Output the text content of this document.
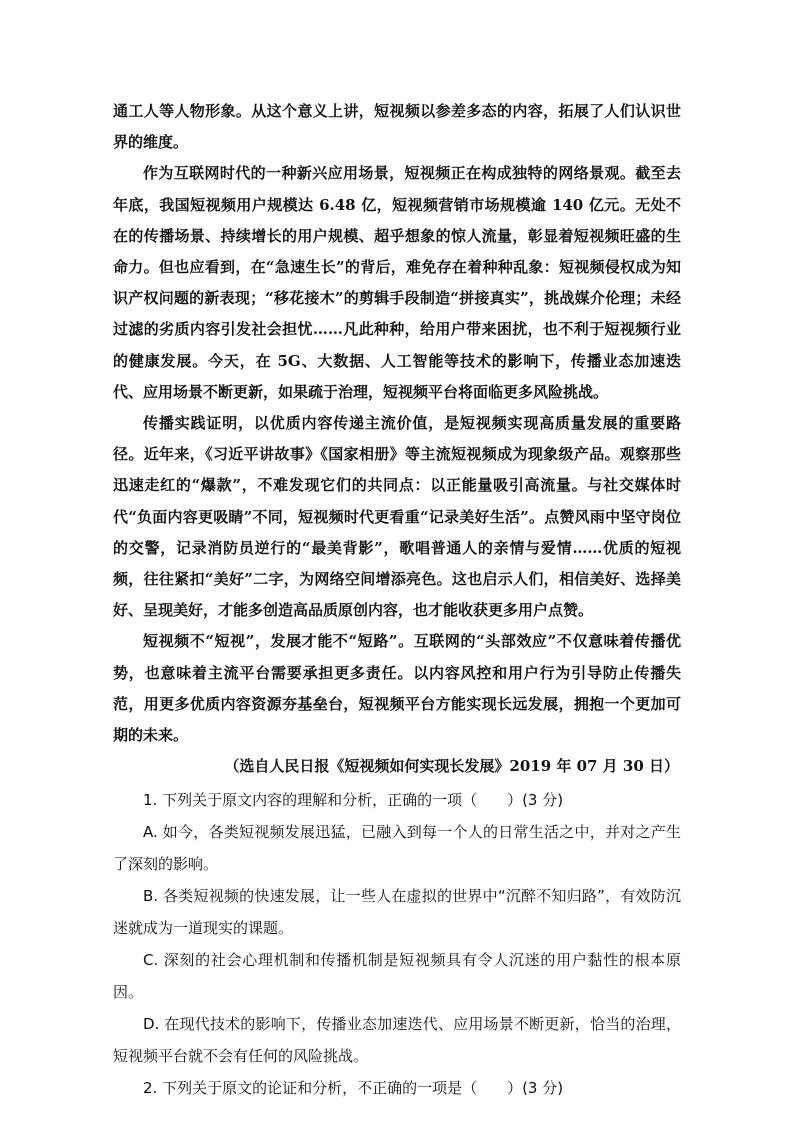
通工人等人物形象。从这个意义上讲，短视频以参差多态的内容，拓展了人们认识世界的维度。

作为互联网时代的一种新兴应用场景，短视频正在构成独特的网络景观。截至去年底，我国短视频用户规模达 6.48 亿，短视频营销市场规模逾 140 亿元。无处不在的传播场景、持续增长的用户规模、超乎想象的惊人流量，彰显着短视频旺盛的生命力。但也应看到，在“急速生长”的背后，难免存在着种种乱象：短视频侵权成为知识产权问题的新表现；“移花接木”的剪辑手段制造“拼接真实”，挑战媒介伦理；未经过滤的劣质内容引发社会担忧……凡此种种，给用户带来困扰，也不利于短视频行业的健康发展。今天，在 5G、大数据、人工智能等技术的影响下，传播业态加速迭代、应用场景不断更新，如果疏于治理，短视频平台将面临更多风险挑战。

传播实践证明，以优质内容传递主流价值，是短视频实现高质量发展的重要路径。近年来，《习近平讲故事》《国家相册》等主流短视频成为现象级产品。观察那些迅速走红的“爆款”，不难发现它们的共同点：以正能量吸引高流量。与社交媒体时代“负面内容更吸睛”不同，短视频时代更看重“记录美好生活”。点赞风雨中坚守岗位的交警，记录消防员逆行的“最美背影”，歌唱普通人的亲情与爱情……优质的短视频，往往紧扣“美好”二字，为网络空间增添亮色。这也启示人们，相信美好、选择美好、呈现美好，才能多创造高品质原创内容，也才能收获更多用户点赞。

短视频不“短视”，发展才能不“短路”。互联网的“头部效应”不仅意味着传播优势，也意味着主流平台需要承担更多责任。以内容风控和用户行为引导防止传播失范，用更多优质内容资源夯基垒台，短视频平台方能实现长远发展，拥抱一个更加可期的未来。

（选自人民日报《短视频如何实现长发展》2019 年 07 月 30 日）

1. 下列关于原文内容的理解和分析，正确的一项（　　）(3 分)

A. 如今，各类短视频发展迅猛，已融入到每一个人的日常生活之中，并对之产生了深刻的影响。

B. 各类短视频的快速发展，让一些人在虚拟的世界中“沉醉不知归路”，有效防沉迷就成为一道现实的课题。

C. 深刻的社会心理机制和传播机制是短视频具有令人沉迷的用户黏性的根本原因。

D. 在现代技术的影响下，传播业态加速迭代、应用场景不断更新，恰当的治理，短视频平台就不会有任何的风险挑战。

2. 下列关于原文的论证和分析，不正确的一项是（　　）(3 分)
